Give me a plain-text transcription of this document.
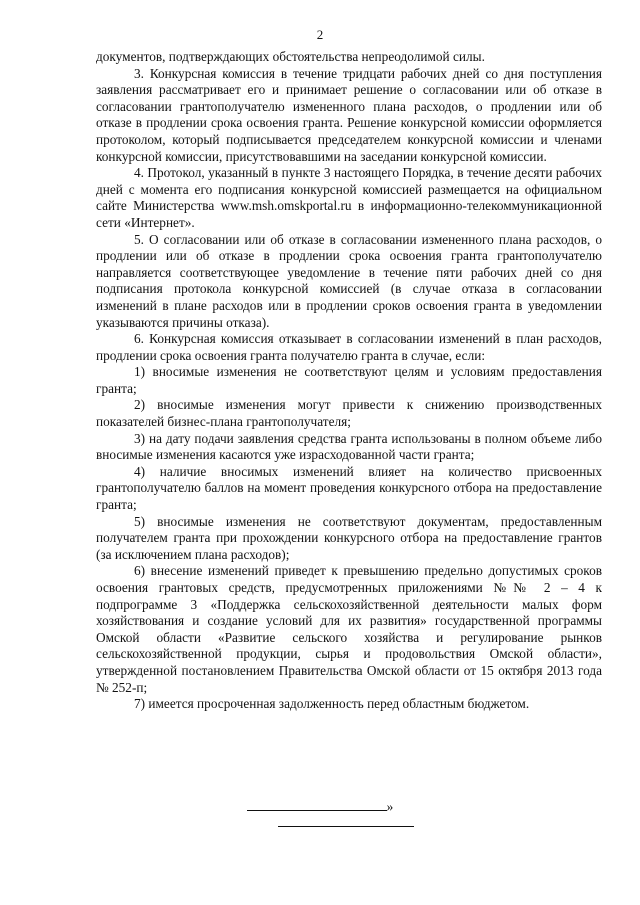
2

документов, подтверждающих обстоятельства непреодолимой силы.

3. Конкурсная комиссия в течение тридцати рабочих дней со дня поступления заявления рассматривает его и принимает решение о согласовании или об отказе в согласовании грантополучателю измененного плана расходов, о продлении или об отказе в продлении срока освоения гранта. Решение конкурсной комиссии оформляется протоколом, который подписывается председателем конкурсной комиссии и членами конкурсной комиссии, присутствовавшими на заседании конкурсной комиссии.

4. Протокол, указанный в пункте 3 настоящего Порядка, в течение десяти рабочих дней с момента его подписания конкурсной комиссией размещается на официальном сайте Министерства www.msh.omskportal.ru в информационно-телекоммуникационной сети «Интернет».

5. О согласовании или об отказе в согласовании измененного плана расходов, о продлении или об отказе в продлении срока освоения гранта грантополучателю направляется соответствующее уведомление в течение пяти рабочих дней со дня подписания протокола конкурсной комиссией (в случае отказа в согласовании изменений в плане расходов или в продлении сроков освоения гранта в уведомлении указываются причины отказа).

6. Конкурсная комиссия отказывает в согласовании изменений в план расходов, продлении срока освоения гранта получателю гранта в случае, если:

1) вносимые изменения не соответствуют целям и условиям предоставления гранта;

2) вносимые изменения могут привести к снижению производственных показателей бизнес-плана грантополучателя;

3) на дату подачи заявления средства гранта использованы в полном объеме либо вносимые изменения касаются уже израсходованной части гранта;

4) наличие вносимых изменений влияет на количество присвоенных грантополучателю баллов на момент проведения конкурсного отбора на предоставление гранта;

5) вносимые изменения не соответствуют документам, предоставленным получателем гранта при прохождении конкурсного отбора на предоставление грантов (за исключением плана расходов);

6) внесение изменений приведет к превышению предельно допустимых сроков освоения грантовых средств, предусмотренных приложениями №№ 2 – 4 к подпрограмме 3 «Поддержка сельскохозяйственной деятельности малых форм хозяйствования и создание условий для их развития» государственной программы Омской области «Развитие сельского хозяйства и регулирование рынков сельскохозяйственной продукции, сырья и продовольствия Омской области», утвержденной постановлением Правительства Омской области от 15 октября 2013 года № 252-п;

7) имеется просроченная задолженность перед областным бюджетом.

»
